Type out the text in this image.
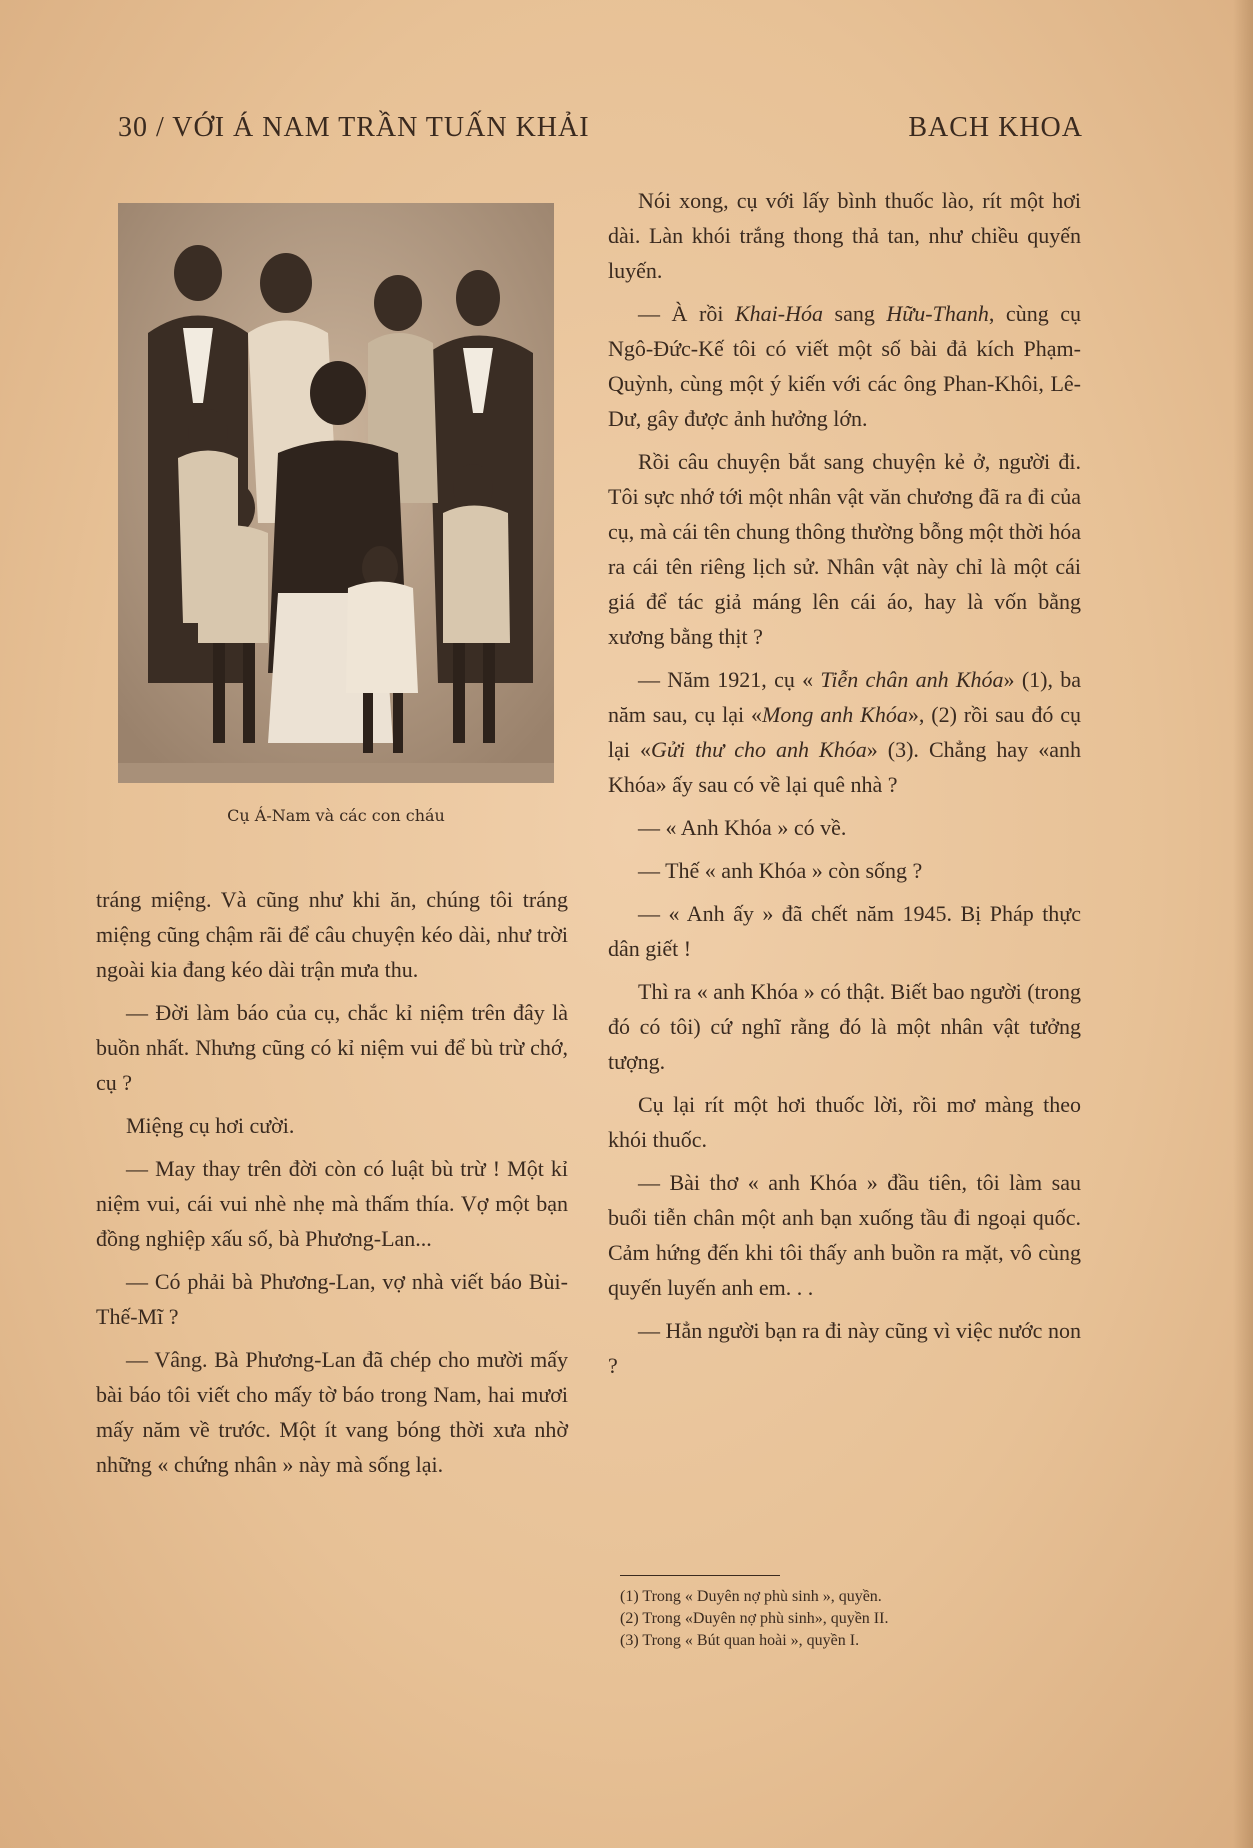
30 / VỚI Á NAM TRẦN TUẤN KHẢI	BACH KHOA
Cụ Á-Nam và các con cháu

tráng miệng. Và cũng như khi ăn, chúng tôi tráng miệng cũng chậm rãi để câu chuyện kéo dài, như trời ngoài kia đang kéo dài trận mưa thu.

— Đời làm báo của cụ, chắc kỉ niệm trên đây là buồn nhất. Nhưng cũng có kỉ niệm vui để bù trừ chớ, cụ ?

Miệng cụ hơi cười.

— May thay trên đời còn có luật bù trừ ! Một kỉ niệm vui, cái vui nhè nhẹ mà thấm thía. Vợ một bạn đồng nghiệp xấu số, bà Phương-Lan...

— Có phải bà Phương-Lan, vợ nhà viết báo Bùi-Thế-Mĩ ?

— Vâng. Bà Phương-Lan đã chép cho mười mấy bài báo tôi viết cho mấy tờ báo trong Nam, hai mươi mấy năm về trước. Một ít vang bóng thời xưa nhờ những « chứng nhân » này mà sống lại.

Nói xong, cụ với lấy bình thuốc lào, rít một hơi dài. Làn khói trắng thong thả tan, như chiều quyến luyến.

— À rồi Khai-Hóa sang Hữu-Thanh, cùng cụ Ngô-Đức-Kế tôi có viết một số bài đả kích Phạm-Quỳnh, cùng một ý kiến với các ông Phan-Khôi, Lê-Dư, gây được ảnh hưởng lớn.

Rồi câu chuyện bắt sang chuyện kẻ ở, người đi. Tôi sực nhớ tới một nhân vật văn chương đã ra đi của cụ, mà cái tên chung thông thường bỗng một thời hóa ra cái tên riêng lịch sử. Nhân vật này chỉ là một cái giá để tác giả máng lên cái áo, hay là vốn bằng xương bằng thịt ?

— Năm 1921, cụ « Tiễn chân anh Khóa» (1), ba năm sau, cụ lại «Mong anh Khóa», (2) rồi sau đó cụ lại «Gửi thư cho anh Khóa» (3). Chẳng hay «anh Khóa» ấy sau có về lại quê nhà ?

— « Anh Khóa » có về.

— Thế « anh Khóa » còn sống ?

— « Anh ấy » đã chết năm 1945. Bị Pháp thực dân giết !

Thì ra « anh Khóa » có thật. Biết bao người (trong đó có tôi) cứ nghĩ rằng đó là một nhân vật tưởng tượng.

Cụ lại rít một hơi thuốc lời, rồi mơ màng theo khói thuốc.

— Bài thơ « anh Khóa » đầu tiên, tôi làm sau buổi tiễn chân một anh bạn xuống tầu đi ngoại quốc. Cảm hứng đến khi tôi thấy anh buồn ra mặt, vô cùng quyến luyến anh em. . .

— Hẳn người bạn ra đi này cũng vì việc nước non ?

(1) Trong « Duyên nợ phù sinh », quyền.

(2) Trong «Duyên nợ phù sinh», quyền II.

(3) Trong « Bút quan hoài », quyền I.
